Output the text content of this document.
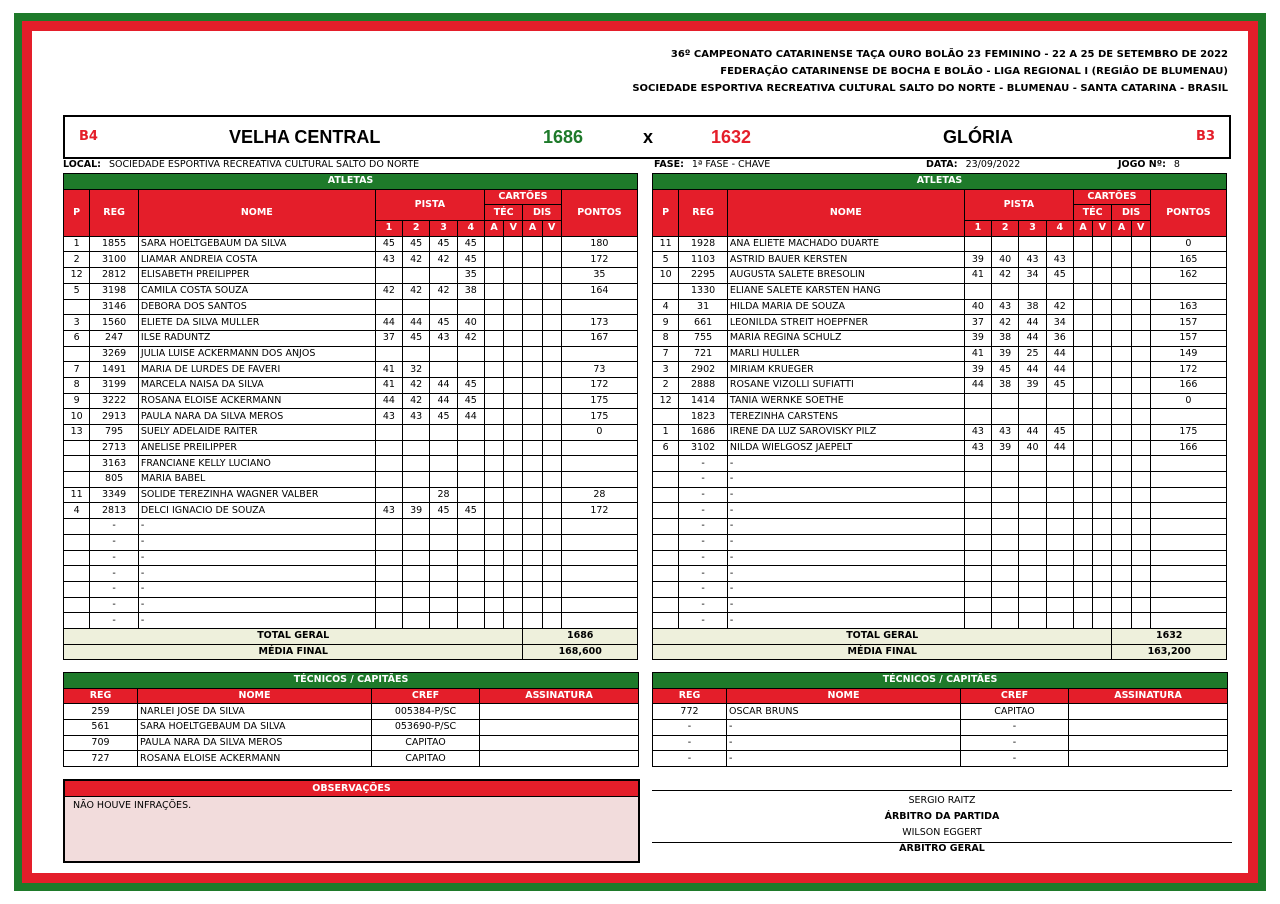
36º CAMPEONATO CATARINENSE TAÇA OURO BOLÃO 23 FEMININO - 22 A 25 DE SETEMBRO DE 2022
FEDERAÇÃO CATARINENSE DE BOCHA E BOLÃO - LIGA REGIONAL I (REGIÃO DE BLUMENAU)
SOCIEDADE ESPORTIVA RECREATIVA CULTURAL SALTO DO NORTE - BLUMENAU - SANTA CATARINA - BRASIL
B4	VELHA CENTRAL	1686	x	1632	GLÓRIA	B3
LOCAL: SOCIEDADE ESPORTIVA RECREATIVA CULTURAL SALTO DO NORTE	FASE: 1ª FASE - CHAVE	DATA: 23/09/2022	JOGO Nº: 8
ATLETAS											
P	REG	NOME	PISTA				CARTÕES				PONTOS
							TÉC		DIS		
			1	2	3	4	A	V	A	V	
1	1855	SARA HOELTGEBAUM DA SILVA	45	45	45	45					180
2	3100	LIAMAR ANDREIA COSTA	43	42	42	45					172
12	2812	ELISABETH PREILIPPER				35					35
5	3198	CAMILA COSTA SOUZA	42	42	42	38					164
	3146	DEBORA DOS SANTOS									
3	1560	ELIETE DA SILVA MULLER	44	44	45	40					173
6	247	ILSE RADUNTZ	37	45	43	42					167
	3269	JULIA LUISE ACKERMANN DOS ANJOS									
7	1491	MARIA DE LURDES DE FAVERI	41	32							73
8	3199	MARCELA NAISA DA SILVA	41	42	44	45					172
9	3222	ROSANA ELOISE ACKERMANN	44	42	44	45					175
10	2913	PAULA NARA DA SILVA MEROS	43	43	45	44					175
13	795	SUELY ADELAIDE RAITER									0
	2713	ANELISE PREILIPPER									
	3163	FRANCIANE KELLY LUCIANO									
	805	MARIA BABEL									
11	3349	SOLIDE TEREZINHA WAGNER VALBER			28						28
4	2813	DELCI IGNACIO DE SOUZA	43	39	45	45					172
	-	-									
	-	-									
	-	-									
	-	-									
	-	-									
	-	-									
	-	-									
TOTAL GERAL									1686		
MÉDIA FINAL									168,600		
TÉCNICOS / CAPITÃES			
REG	NOME	CREF	ASSINATURA
259	NARLEI JOSE DA SILVA	005384-P/SC	
561	SARA HOELTGEBAUM DA SILVA	053690-P/SC	
709	PAULA NARA DA SILVA MEROS	CAPITAO	
727	ROSANA ELOISE ACKERMANN	CAPITAO	
ATLETAS											
P	REG	NOME	PISTA				CARTÕES				PONTOS
							TÉC		DIS		
			1	2	3	4	A	V	A	V	
11	1928	ANA ELIETE MACHADO DUARTE									0
5	1103	ASTRID BAUER KERSTEN	39	40	43	43					165
10	2295	AUGUSTA SALETE BRESOLIN	41	42	34	45					162
	1330	ELIANE SALETE KARSTEN HANG									
4	31	HILDA MARIA DE SOUZA	40	43	38	42					163
9	661	LEONILDA STREIT HOEPFNER	37	42	44	34					157
8	755	MARIA REGINA SCHULZ	39	38	44	36					157
7	721	MARLI HULLER	41	39	25	44					149
3	2902	MIRIAM KRUEGER	39	45	44	44					172
2	2888	ROSANE VIZOLLI SUFIATTI	44	38	39	45					166
12	1414	TANIA WERNKE SOETHE									0
	1823	TEREZINHA CARSTENS									
1	1686	IRENE DA LUZ SAROVISKY PILZ	43	43	44	45					175
6	3102	NILDA WIELGOSZ JAEPELT	43	39	40	44					166
	-	-									
	-	-									
	-	-									
	-	-									
	-	-									
	-	-									
	-	-									
	-	-									
	-	-									
	-	-									
	-	-									
TOTAL GERAL									1632		
MÉDIA FINAL									163,200		
TÉCNICOS / CAPITÃES			
REG	NOME	CREF	ASSINATURA
772	OSCAR BRUNS	CAPITAO	
-	-	-	
-	-	-	
-	-	-	
OBSERVAÇÕES
NÃO HOUVE INFRAÇÕES.	SERGIO RAITZ
ÁRBITRO DA PARTIDA
WILSON EGGERT
ÁRBITRO GERAL
